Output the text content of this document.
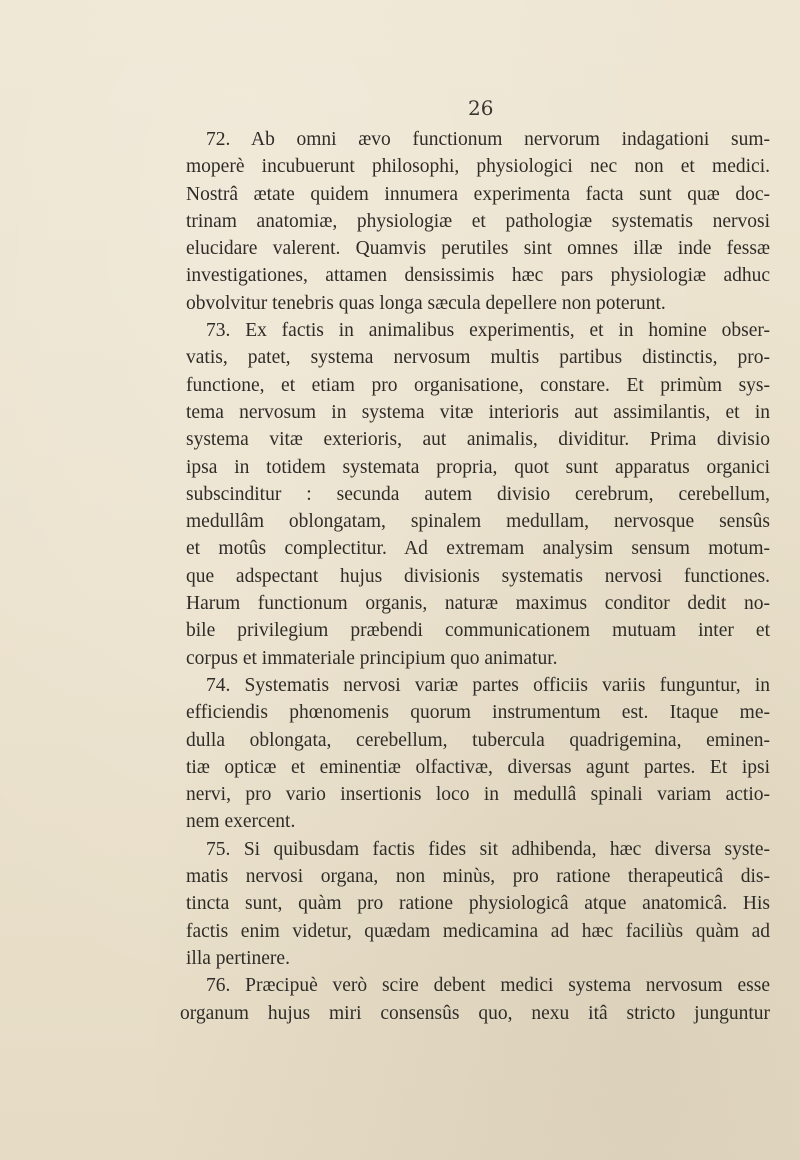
26
72. Ab omni ævo functionum nervorum indagationi sum-
moperè incubuerunt philosophi, physiologici nec non et medici.
Nostrâ ætate quidem innumera experimenta facta sunt quæ doc-
trinam anatomiæ, physiologiæ et pathologiæ systematis nervosi
elucidare valerent. Quamvis perutiles sint omnes illæ inde fessæ
investigationes, attamen densissimis hæc pars physiologiæ adhuc
obvolvitur tenebris quas longa sæcula depellere non poterunt.
73. Ex factis in animalibus experimentis, et in homine obser-
vatis, patet, systema nervosum multis partibus distinctis, pro-
functione, et etiam pro organisatione, constare. Et primùm sys-
tema nervosum in systema vitæ interioris aut assimilantis, et in
systema vitæ exterioris, aut animalis, dividitur. Prima divisio
ipsa in totidem systemata propria, quot sunt apparatus organici
subscinditur : secunda autem divisio cerebrum, cerebellum,
medullâm oblongatam, spinalem medullam, nervosque sensûs
et motûs complectitur. Ad extremam analysim sensum motum-
que adspectant hujus divisionis systematis nervosi functiones.
Harum functionum organis, naturæ maximus conditor dedit no-
bile privilegium præbendi communicationem mutuam inter et
corpus et immateriale principium quo animatur.
74. Systematis nervosi variæ partes officiis variis funguntur, in
efficiendis phœnomenis quorum instrumentum est. Itaque me-
dulla oblongata, cerebellum, tubercula quadrigemina, eminen-
tiæ opticæ et eminentiæ olfactivæ, diversas agunt partes. Et ipsi
nervi, pro vario insertionis loco in medullâ spinali variam actio-
nem exercent.
75. Si quibusdam factis fides sit adhibenda, hæc diversa syste-
matis nervosi organa, non minùs, pro ratione therapeuticâ dis-
tincta sunt, quàm pro ratione physiologicâ atque anatomicâ. His
factis enim videtur, quædam medicamina ad hæc faciliùs quàm ad
illa pertinere.
76. Præcipuè verò scire debent medici systema nervosum esse
organum hujus miri consensûs quo, nexu itâ stricto junguntur
